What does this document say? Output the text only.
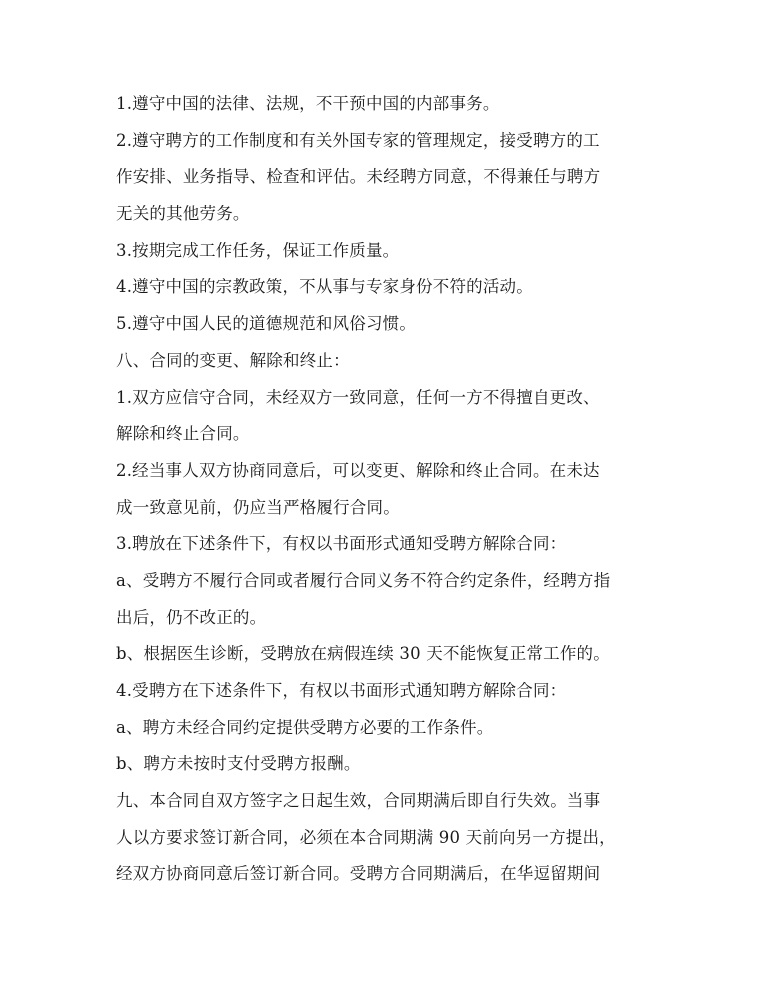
1.遵守中国的法律、法规，不干预中国的内部事务。
2.遵守聘方的工作制度和有关外国专家的管理规定，接受聘方的工
作安排、业务指导、检查和评估。未经聘方同意，不得兼任与聘方
无关的其他劳务。
3.按期完成工作任务，保证工作质量。
4.遵守中国的宗教政策，不从事与专家身份不符的活动。
5.遵守中国人民的道德规范和风俗习惯。
八、合同的变更、解除和终止：
1.双方应信守合同，未经双方一致同意，任何一方不得擅自更改、
解除和终止合同。
2.经当事人双方协商同意后，可以变更、解除和终止合同。在未达
成一致意见前，仍应当严格履行合同。
3.聘放在下述条件下，有权以书面形式通知受聘方解除合同：
a、受聘方不履行合同或者履行合同义务不符合约定条件，经聘方指
出后，仍不改正的。
b、根据医生诊断，受聘放在病假连续 30 天不能恢复正常工作的。
4.受聘方在下述条件下，有权以书面形式通知聘方解除合同：
a、聘方未经合同约定提供受聘方必要的工作条件。
b、聘方未按时支付受聘方报酬。
九、本合同自双方签字之日起生效，合同期满后即自行失效。当事
人以方要求签订新合同，必须在本合同期满 90 天前向另一方提出，
经双方协商同意后签订新合同。受聘方合同期满后，在华逗留期间
